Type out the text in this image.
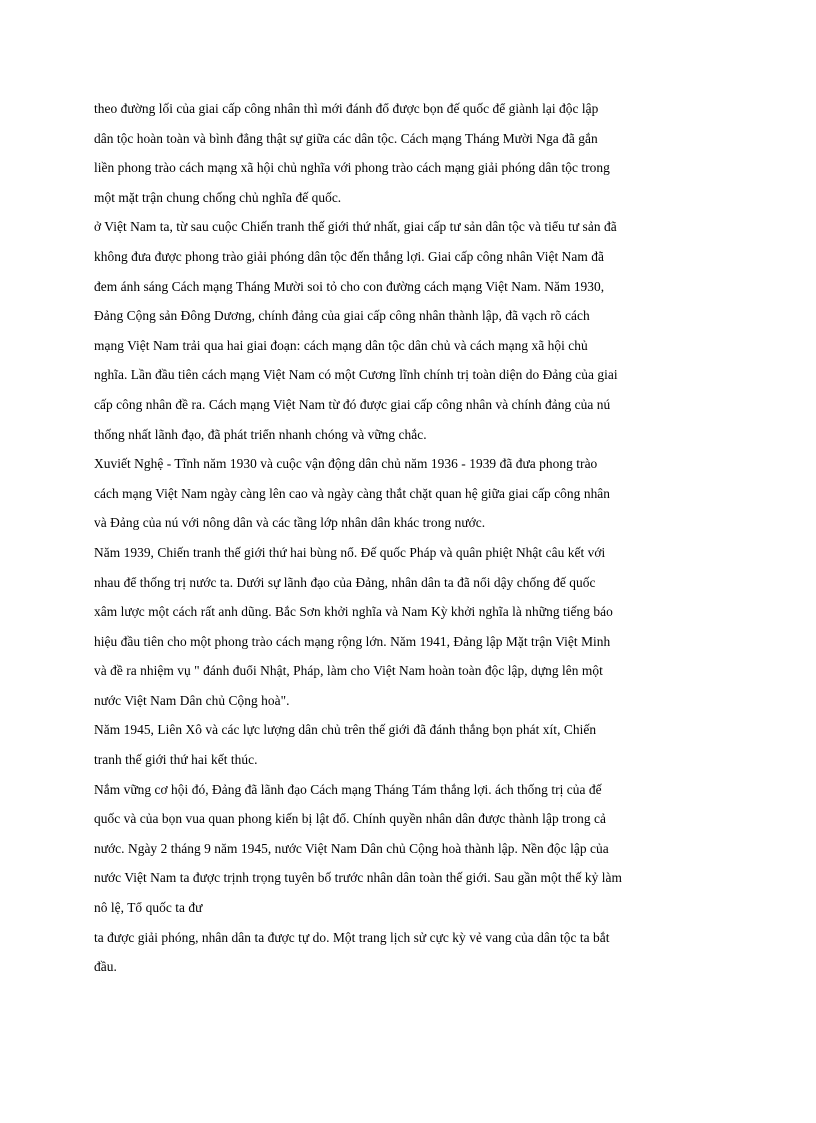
theo đường lối của giai cấp công nhân thì mới đánh đổ được bọn đế quốc để giành lại độc lập
dân tộc hoàn toàn và bình đẳng thật sự giữa các dân tộc. Cách mạng Tháng Mười Nga đã gắn
liền phong trào cách mạng xã hội chủ nghĩa với phong trào cách mạng giải phóng dân tộc trong
một mặt trận chung chống chủ nghĩa đế quốc.
ở Việt Nam ta, từ sau cuộc Chiến tranh thế giới thứ nhất, giai cấp tư sản dân tộc và tiểu tư sản đã
không đưa được phong trào giải phóng dân tộc đến thắng lợi. Giai cấp công nhân Việt Nam đã
đem ánh sáng Cách mạng Tháng Mười soi tỏ cho con đường cách mạng Việt Nam. Năm 1930,
Đảng Cộng sản Đông Dương, chính đảng của giai cấp công nhân thành lập, đã vạch rõ cách
mạng Việt Nam trải qua hai giai đoạn: cách mạng dân tộc dân chủ và cách mạng xã hội chủ
nghĩa. Lần đầu tiên cách mạng Việt Nam có một Cương lĩnh chính trị toàn diện do Đảng của giai
cấp công nhân đề ra. Cách mạng Việt Nam từ đó được giai cấp công nhân và chính đảng của nú
thống nhất lãnh đạo, đã phát triển nhanh chóng và vững chắc.
Xuviết Nghệ - Tĩnh năm 1930 và cuộc vận động dân chủ năm 1936 - 1939 đã đưa phong trào
cách mạng Việt Nam ngày càng lên cao và ngày càng thắt chặt quan hệ giữa giai cấp công nhân
và Đảng của nú với nông dân và các tầng lớp nhân dân khác trong nước.
Năm 1939, Chiến tranh thế giới thứ hai bùng nổ. Đế quốc Pháp và quân phiệt Nhật câu kết với
nhau để thống trị nước ta. Dưới sự lãnh đạo của Đảng, nhân dân ta đã nổi dậy chống đế quốc
xâm lược một cách rất anh dũng. Bắc Sơn khởi nghĩa và Nam Kỳ khởi nghĩa là những tiếng báo
hiệu đầu tiên cho một phong trào cách mạng rộng lớn. Năm 1941, Đảng lập Mặt trận Việt Minh
và đề ra nhiệm vụ " đánh đuổi Nhật, Pháp, làm cho Việt Nam hoàn toàn độc lập, dựng lên một
nước Việt Nam Dân chủ Cộng hoà".
Năm 1945, Liên Xô và các lực lượng dân chủ trên thế giới đã đánh thắng bọn phát xít, Chiến
tranh thế giới thứ hai kết thúc.
Nắm vững cơ hội đó, Đảng đã lãnh đạo Cách mạng Tháng Tám thắng lợi. ách thống trị của đế
quốc và của bọn vua quan phong kiến bị lật đổ. Chính quyền nhân dân được thành lập trong cả
nước. Ngày 2 tháng 9 năm 1945, nước Việt Nam Dân chủ Cộng hoà thành lập. Nền độc lập của
nước Việt Nam ta được trịnh trọng tuyên bố trước nhân dân toàn thế giới. Sau gần một thế kỷ làm
nô lệ, Tổ quốc ta đư
ta được giải phóng, nhân dân ta được tự do. Một trang lịch sử cực kỳ vẻ vang của dân tộc ta bắt
đầu.
